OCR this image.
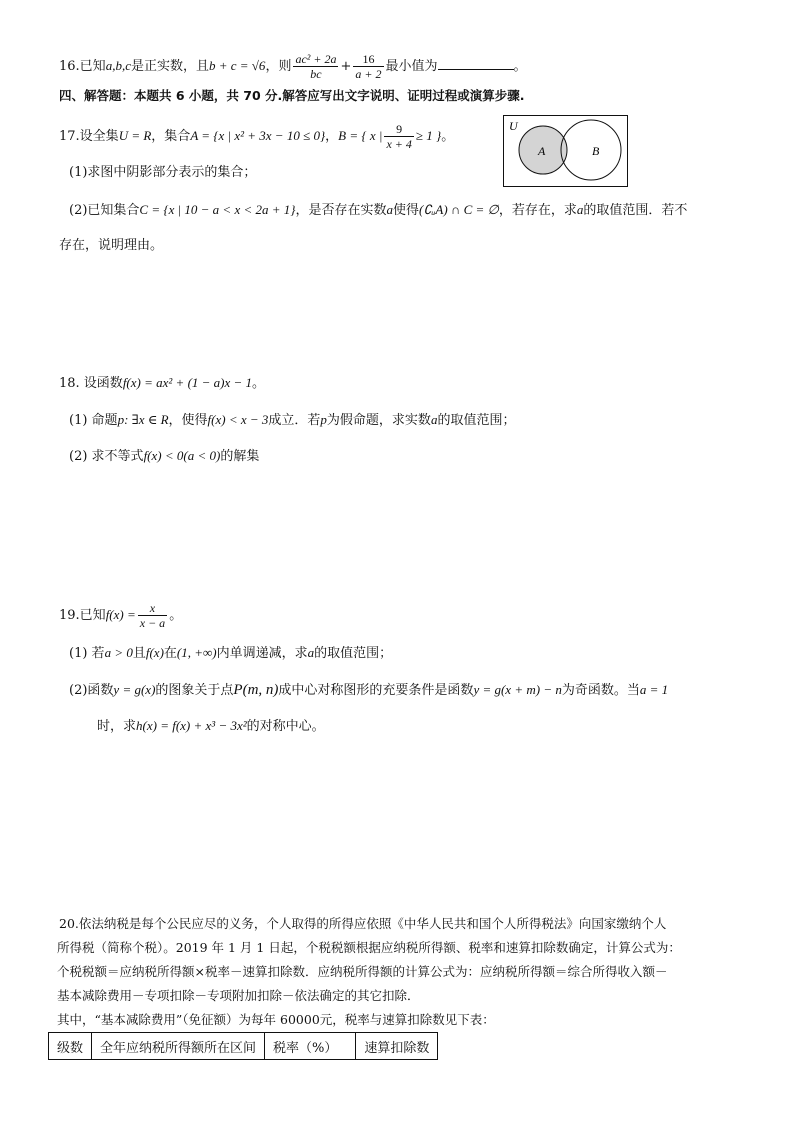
16.已知a,b,c是正实数，且b + c = √6，则 $\frac{\text{ac² + 2a}}{bc} + \frac{16}{a + 2}$ 最小值为	。
四、解答题：本题共 6 小题，共 70 分.解答应写出文字说明、证明过程或演算步骤.
17.设全集U = R，集合A = {x | x² + 3x − 10 ≤ 0}，B = { x | $\frac{9}{x + 4} \ge 1$ }。
U
A	B
(1)求图中阴影部分表示的集合；
(2)已知集合C = {x | 10 − a < x < 2a + 1}，是否存在实数a使得(∁ᵤA) ∩ C = ∅，若存在，求a的取值范围．若不
存在，说明理由。
18. 设函数f(x) = ax² + (1 − a)x − 1。
(1) 命题p: ∃x ∈ R，使得f(x) < x − 3成立．若p为假命题，求实数a的取值范围；
(2) 求不等式f(x) < 0(a < 0)的解集
19.已知$f(x) = \frac{x}{x - a}$ 。
(1) 若a > 0且f(x)在(1, +∞)内单调递减，求a的取值范围；
(2)函数y = g(x)的图象关于点P(m, n)成中心对称图形的充要条件是函数y = g(x + m) − n为奇函数。当a = 1
时，求h(x) = f(x) + x³ − 3x²的对称中心。
20.依法纳税是每个公民应尽的义务，个人取得的所得应依照《中华人民共和国个人所得税法》向国家缴纳个人
所得税（简称个税）。2019 年 1 月 1 日起，个税税额根据应纳税所得额、税率和速算扣除数确定，计算公式为：
个税税额＝应纳税所得额×税率－速算扣除数．应纳税所得额的计算公式为：应纳税所得额＝综合所得收入额－
基本减除费用－专项扣除－专项附加扣除－依法确定的其它扣除．
其中，“基本减除费用”（免征额）为每年 60000元，税率与速算扣除数见下表：
级数	全年应纳税所得额所在区间	税率（%）	速算扣除数
